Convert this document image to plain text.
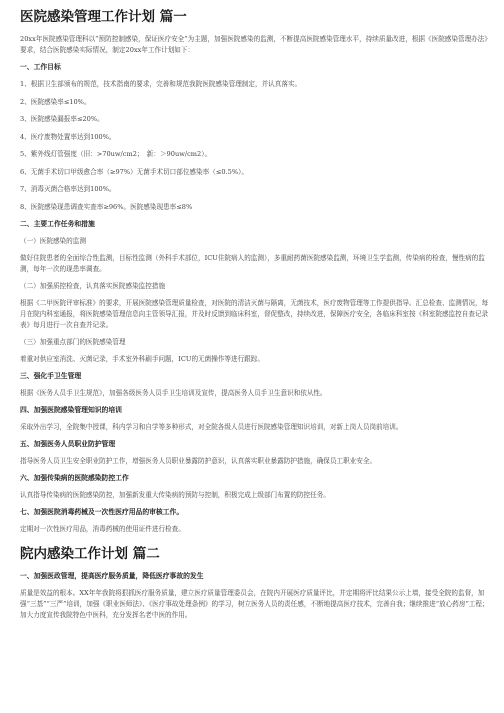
医院感染管理工作计划 篇一

20xx年医院感染管理科以“预防控制感染，保证医疗安全”为主题，加强医院感染的监测，不断提高医院感染管理水平，持续质量改进，根据《医院感染管理办法》要求，结合医院感染实际情况，制定20xx年工作计划如下：

一、工作目标

1、根据卫生部颁布的规范，技术指南的要求，完善和规范我院医院感染管理制定，并认真落实。

2、医院感染率≤10%。

3、医院感染漏报率≤20%。

4、医疗废物处置率达到100%。

5、紫外线灯管强度（旧：>70uw/cm2；　新：＞90uw/cm2）。

6、无菌手术切口甲级愈合率（≥97%）无菌手术切口部位感染率（≤0.5%）。

7、消毒灭菌合格率达到100%。

8、医院感染现患调查实查率≥96%。医院感染现患率≤8%

二、主要工作任务和措施

（一）医院感染的监测

做好住院患者的全面综合性监测，目标性监测（外科手术部位，ICU住院病人的监测），多重耐药菌医院感染监测，环境卫生学监测，传染病的检查，慢性病的监测，每年一次的现患率调查。

（二）加强质控检查，认真落实医院感染监控措施

根据《二甲医院评审标准》的要求，开展医院感染管理质量检查，对医院的清洁灭菌与隔离，无菌技术，医疗废物管理等工作提供指导。汇总检查、监测情况，每月在院内科室通报，将医院感染管理信息向主管领导汇报，并及时反馈到临床科室，督促整改，持续改进，保障医疗安全，各临床科室按《科室院感监控自查记录表》每月进行一次自查并记录。

（三）加强重点部门的医院感染管理

着重对供应室消洗、灭菌记录，手术室外科刷手问题，ICU的无菌操作等进行跟踪。

三、强化手卫生管理

根据《医务人员手卫生规范》，加强各级医务人员手卫生培训及宣传，提高医务人员手卫生意识和依从性。

四、加强医院感染管理知识的培训

采取外出学习，全院集中授课，科内学习和自学等多种形式，对全院各级人员进行医院感染管理知识培训，对新上岗人员岗前培训。

五、加强医务人员职业防护管理

指导医务人员卫生安全职业防护工作，增强医务人员职业暴露防护意识，认真落实职业暴露防护措施，确保员工职业安全。

六、加强传染病的医院感染防控工作

认真指导传染病的医院感染防控，加强新发重大传染病的预防与控制，积极完成上级部门布置的防控任务。

七、加强医院消毒药械及一次性医疗用品的审核工作。

定期对一次性医疗用品，消毒药械的使用证件进行检查。

院内感染工作计划 篇二
一、加强医政管理，提高医疗服务质量，降低医疗事故的发生

质量是效益的根本。XX年年我院将狠抓医疗服务质量，建立医疗质量管理委员会，在院内开展医疗质量评比，并定期将评比结果公示上墙，接受全院的监督，加强“三基”“三严”培训，加强《职业医师法》、《医疗事故处理条例》的学习，树立医务人员的责任感，不断地提高医疗技术，完善自我；继续推进“放心药房”工程；加大力度宣传我院特色中医科，充分发挥名老中医的作用。
